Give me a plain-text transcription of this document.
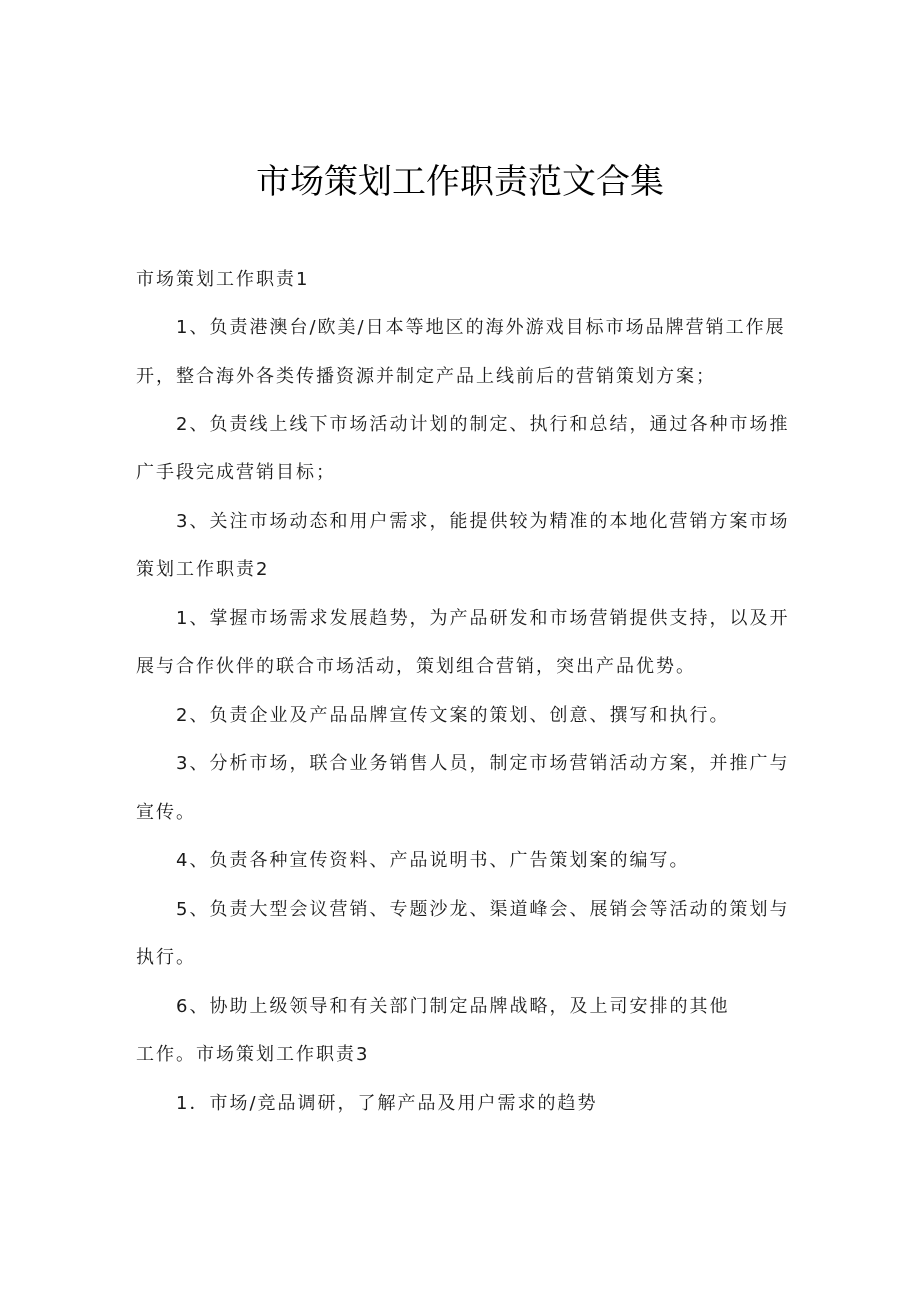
市场策划工作职责范文合集
市场策划工作职责1
1、负责港澳台/欧美/日本等地区的海外游戏目标市场品牌营销工作展
开，整合海外各类传播资源并制定产品上线前后的营销策划方案；
2、负责线上线下市场活动计划的制定、执行和总结，通过各种市场推
广手段完成营销目标；
3、关注市场动态和用户需求，能提供较为精准的本地化营销方案市场
策划工作职责2
1、掌握市场需求发展趋势，为产品研发和市场营销提供支持，以及开
展与合作伙伴的联合市场活动，策划组合营销，突出产品优势。
2、负责企业及产品品牌宣传文案的策划、创意、撰写和执行。
3、分析市场，联合业务销售人员，制定市场营销活动方案，并推广与
宣传。
4、负责各种宣传资料、产品说明书、广告策划案的编写。
5、负责大型会议营销、专题沙龙、渠道峰会、展销会等活动的策划与
执行。
6、协助上级领导和有关部门制定品牌战略，及上司安排的其他
工作。市场策划工作职责3
1．市场/竞品调研，了解产品及用户需求的趋势
